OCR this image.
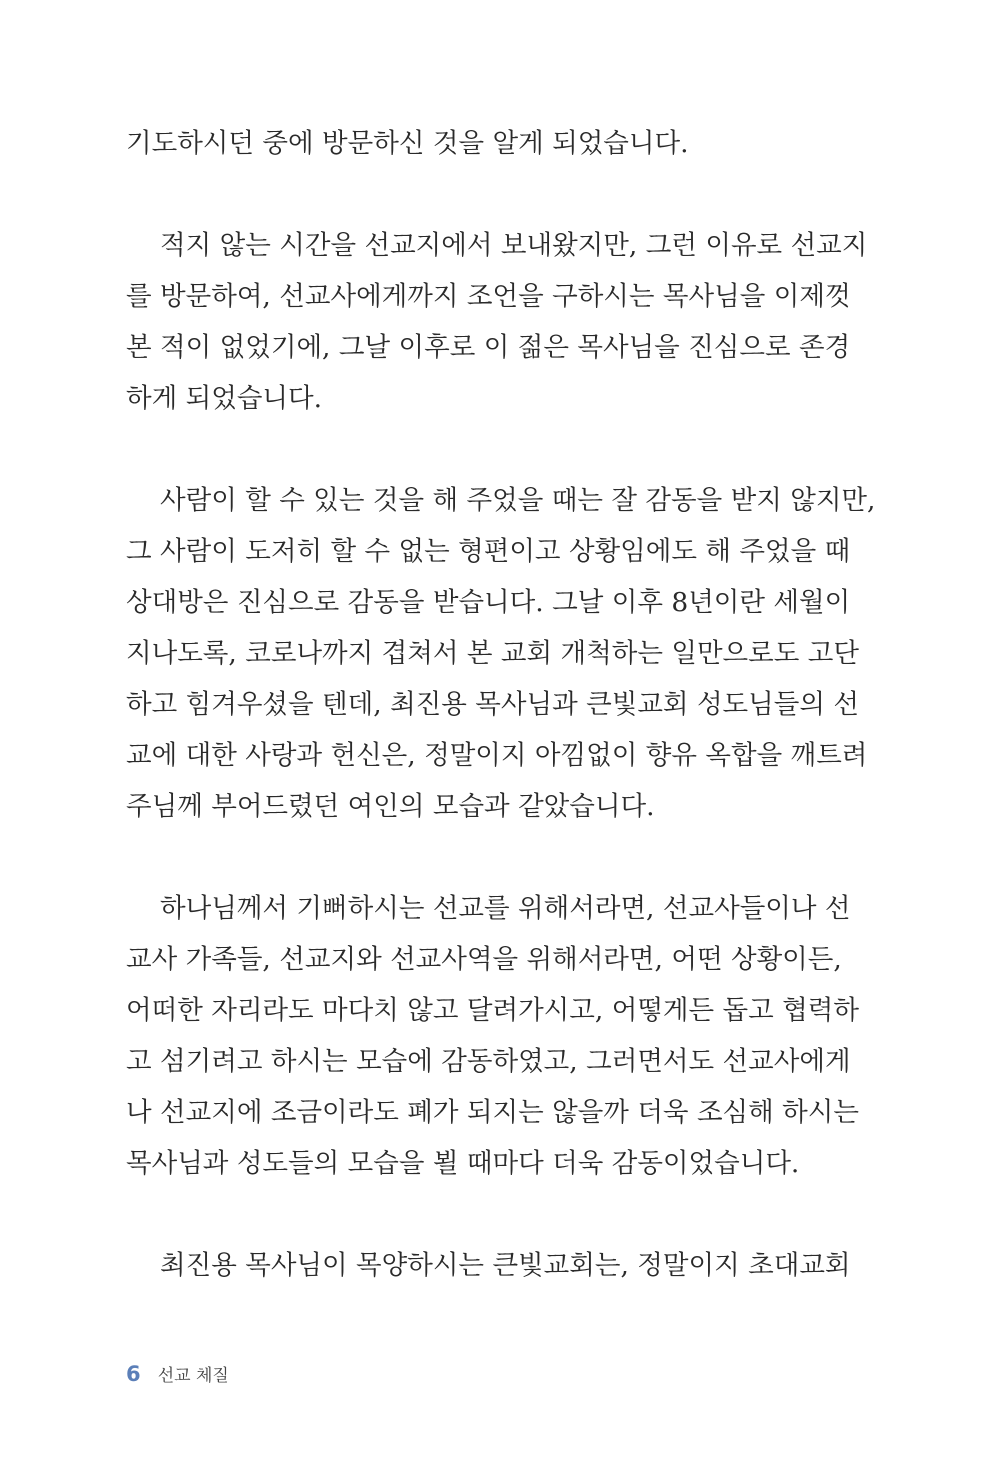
기도하시던 중에 방문하신 것을 알게 되었습니다.
적지 않는 시간을 선교지에서 보내왔지만, 그런 이유로 선교지
를 방문하여, 선교사에게까지 조언을 구하시는 목사님을 이제껏
본 적이 없었기에, 그날 이후로 이 젊은 목사님을 진심으로 존경
하게 되었습니다.
사람이 할 수 있는 것을 해 주었을 때는 잘 감동을 받지 않지만,
그 사람이 도저히 할 수 없는 형편이고 상황임에도 해 주었을 때
상대방은 진심으로 감동을 받습니다. 그날 이후 8년이란 세월이
지나도록, 코로나까지 겹쳐서 본 교회 개척하는 일만으로도 고단
하고 힘겨우셨을 텐데, 최진용 목사님과 큰빛교회 성도님들의 선
교에 대한 사랑과 헌신은, 정말이지 아낌없이 향유 옥합을 깨트려
주님께 부어드렸던 여인의 모습과 같았습니다.
하나님께서 기뻐하시는 선교를 위해서라면, 선교사들이나 선
교사 가족들, 선교지와 선교사역을 위해서라면, 어떤 상황이든,
어떠한 자리라도 마다치 않고 달려가시고, 어떻게든 돕고 협력하
고 섬기려고 하시는 모습에 감동하였고, 그러면서도 선교사에게
나 선교지에 조금이라도 폐가 되지는 않을까 더욱 조심해 하시는
목사님과 성도들의 모습을 뵐 때마다 더욱 감동이었습니다.
최진용 목사님이 목양하시는 큰빛교회는, 정말이지 초대교회
6 선교 체질
